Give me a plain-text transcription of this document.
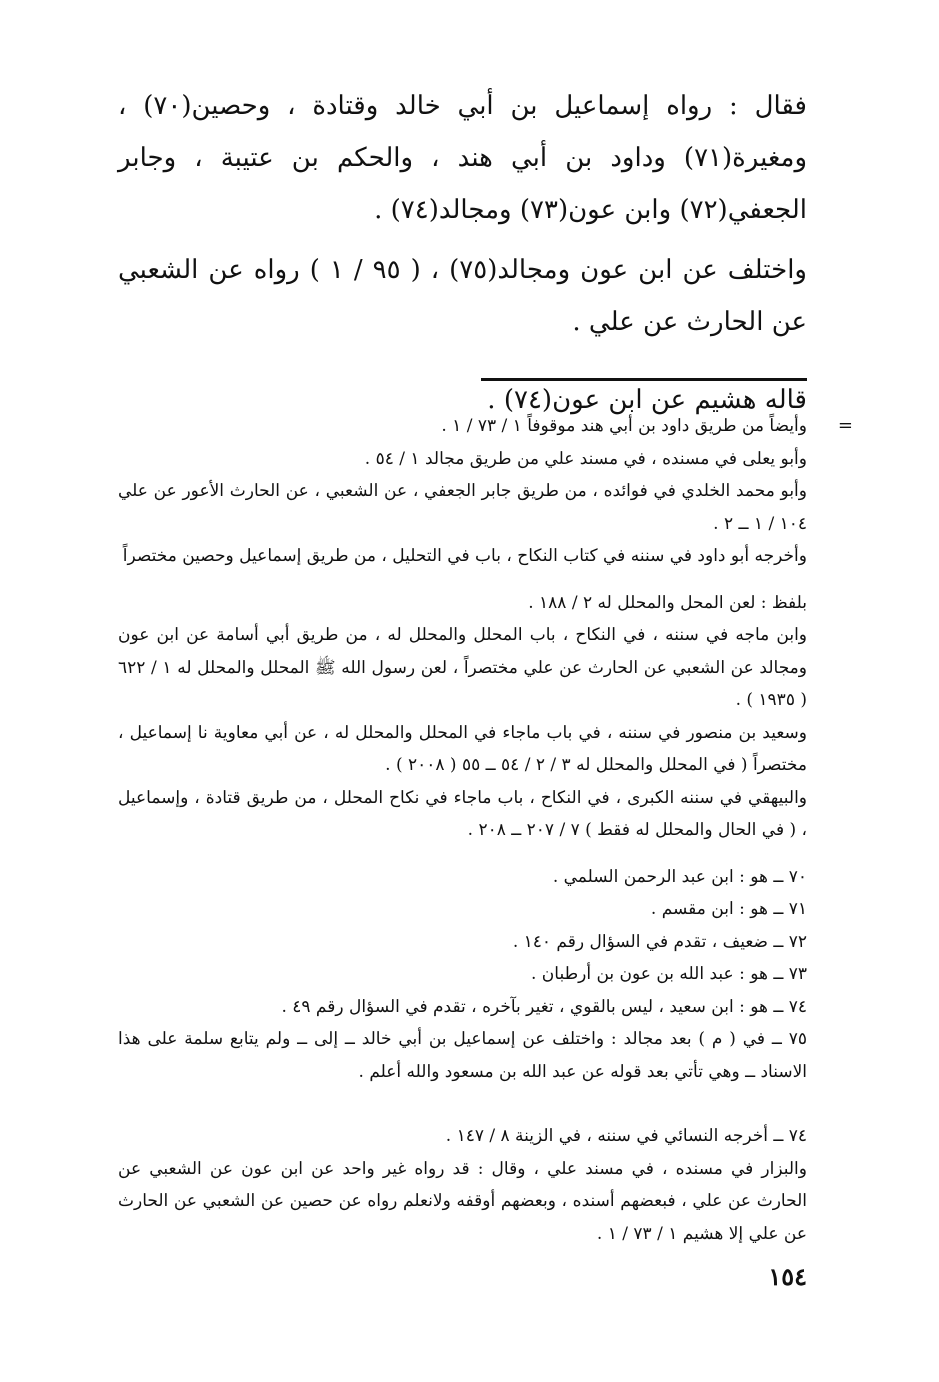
فقال : رواه إسماعيل بن أبي خالد وقتادة ، وحصين(٧٠) ، ومغيرة(٧١) وداود بن أبي هند ، والحكم بن عتيبة ، وجابر الجعفي(٧٢) وابن عون(٧٣) ومجالد(٧٤) .

واختلف عن ابن عون ومجالد(٧٥) ، ( ٩٥ / ١ ) رواه عن الشعبي عن الحارث عن علي .

قاله هشيم عن ابن عون(٧٤) .

=
وأيضاً من طريق داود بن أبي هند موقوفاً ١ / ٧٣ / ١ .
وأبو يعلى في مسنده ، في مسند علي من طريق مجالد ١ / ٥٤ .
وأبو محمد الخلدي في فوائده ، من طريق جابر الجعفي ، عن الشعبي ، عن الحارث الأعور عن علي ١٠٤ / ١ ــ ٢ .
وأخرجه أبو داود في سننه في كتاب النكاح ، باب في التحليل ، من طريق إسماعيل وحصين مختصراً
بلفظ : لعن المحل والمحلل له ٢ / ١٨٨ .
وابن ماجه في سننه ، في النكاح ، باب المحلل والمحلل له ، من طريق أبي أسامة عن ابن عون ومجالد عن الشعبي عن الحارث عن علي مختصراً ، لعن رسول الله ﷺ المحلل والمحلل له ١ / ٦٢٢ ( ١٩٣٥ ) .
وسعيد بن منصور في سننه ، في باب ماجاء في المحلل والمحلل له ، عن أبي معاوية نا إسماعيل ، مختصراً ( في المحلل والمحلل له ٣ / ٢ / ٥٤ ــ ٥٥ ( ٢٠٠٨ ) .
والبيهقي في سننه الكبرى ، في النكاح ، باب ماجاء في نكاح المحلل ، من طريق قتادة ، وإسماعيل ، ( في الحال والمحلل له فقط ) ٧ / ٢٠٧ ــ ٢٠٨ .
٧٠ ــ هو : ابن عبد الرحمن السلمي .
٧١ ــ هو : ابن مقسم .
٧٢ ــ ضعيف ، تقدم في السؤال رقم ١٤٠ .
٧٣ ــ هو : عبد الله بن عون بن أرطبان .
٧٤ ــ هو : ابن سعيد ، ليس بالقوي ، تغير بآخره ، تقدم في السؤال رقم ٤٩ .
٧٥ ــ في ( م ) بعد مجالد : واختلف عن إسماعيل بن أبي خالد ــ إلى ــ ولم يتابع سلمة على هذا الاسناد ــ وهي تأتي بعد قوله عن عبد الله بن مسعود والله أعلم .
٧٤ ــ أخرجه النسائي في سننه ، في الزينة ٨ / ١٤٧ .
والبزار في مسنده ، في مسند علي ، وقال : قد رواه غير واحد عن ابن عون عن الشعبي عن الحارث عن علي ، فبعضهم أسنده ، وبعضهم أوقفه ولانعلم رواه عن حصين عن الشعبي عن الحارث عن علي إلا هشيم ١ / ٧٣ / ١ .
١٥٤
